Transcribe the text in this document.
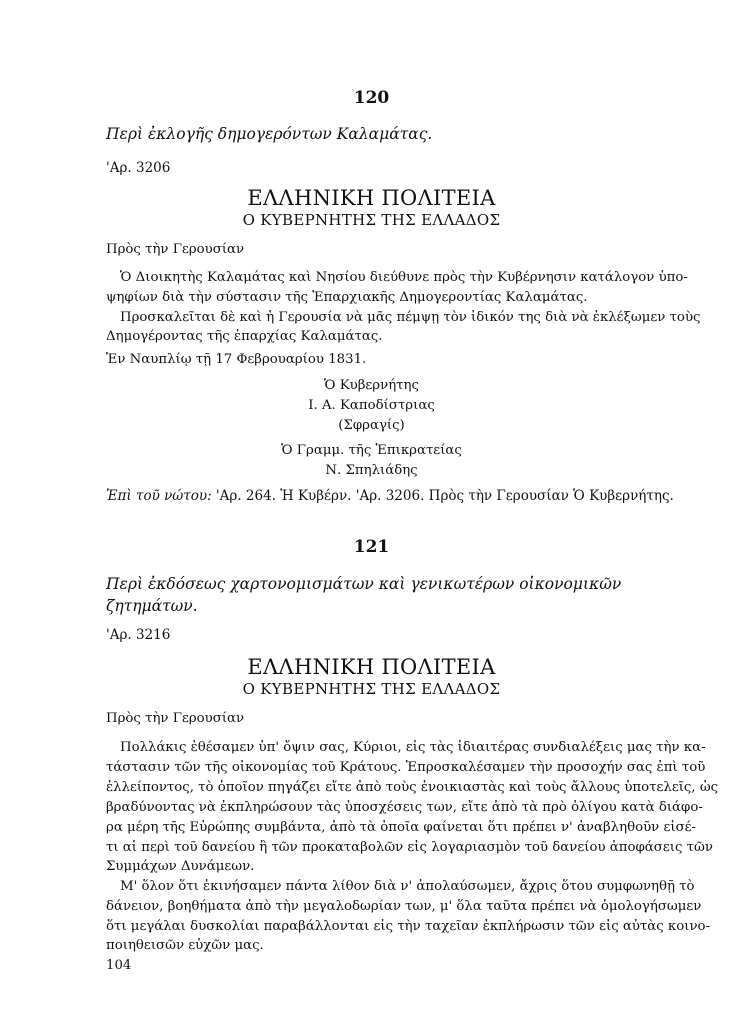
120
Περὶ ἐκλογῆς δημογερόντων Καλαμάτας.
'Αρ. 3206
ΕΛΛΗΝΙΚΗ ΠΟΛΙΤΕΙΑ
Ο ΚΥΒΕΡΝΗΤΗΣ ΤΗΣ ΕΛΛΑΔΟΣ
Πρὸς τὴν Γερουσίαν
Ὁ Διοικητὴς Καλαμάτας καὶ Νησίου διεύθυνε πρὸς τὴν Κυβέρνησιν κατάλογον ὑπο-
ψηφίων διὰ τὴν σύστασιν τῆς Ἐπαρχιακῆς Δημογεροντίας Καλαμάτας.
Προσκαλεῖται δὲ καὶ ἡ Γερουσία νὰ μᾶς πέμψῃ τὸν ἰδικόν της διὰ νὰ ἐκλέξωμεν τοὺς
Δημογέροντας τῆς ἐπαρχίας Καλαμάτας.
Ἐν Ναυπλίῳ τῇ 17 Φεβρουαρίου 1831.
Ὁ Κυβερνήτης
Ι. Α. Καποδίστριας
(Σφραγίς)
Ὁ Γραμμ. τῆς Ἐπικρατείας
Ν. Σπηλιάδης
Ἐπὶ τοῦ νώτου: 'Αρ. 264. Ἡ Κυβέρν. 'Αρ. 3206. Πρὸς τὴν Γερουσίαν Ὁ Κυβερνήτης.
121
Περὶ ἐκδόσεως χαρτονομισμάτων καὶ γενικωτέρων οἰκονομικῶν
ζητημάτων.
'Αρ. 3216
ΕΛΛΗΝΙΚΗ ΠΟΛΙΤΕΙΑ
Ο ΚΥΒΕΡΝΗΤΗΣ ΤΗΣ ΕΛΛΑΔΟΣ
Πρὸς τὴν Γερουσίαν
Πολλάκις ἐθέσαμεν ὑπ' ὄψιν σας, Κύριοι, εἰς τὰς ἰδιαιτέρας συνδιαλέξεις μας τὴν κα-
τάστασιν τῶν τῆς οἰκονομίας τοῦ Κράτους. Ἐπροσκαλέσαμεν τὴν προσοχήν σας ἐπὶ τοῦ
ἐλλείποντος, τὸ ὁποῖον πηγάζει εἴτε ἀπὸ τοὺς ἐνοικιαστὰς καὶ τοὺς ἄλλους ὑποτελεῖς, ὡς
βραδύνοντας νὰ ἐκπληρώσουν τὰς ὑποσχέσεις των, εἴτε ἀπὸ τὰ πρὸ ὀλίγου κατὰ διάφο-
ρα μέρη τῆς Εὐρώπης συμβάντα, ἀπὸ τὰ ὁποῖα φαίνεται ὅτι πρέπει ν' ἀναβληθοῦν εἰσέ-
τι αἱ περὶ τοῦ δανείου ἢ τῶν προκαταβολῶν εἰς λογαριασμὸν τοῦ δανείου ἀποφάσεις τῶν
Συμμάχων Δυνάμεων.
Μ' ὅλον ὅτι ἐκινήσαμεν πάντα λίθον διὰ ν' ἀπολαύσωμεν, ἄχρις ὅτου συμφωνηθῇ τὸ
δάνειον, βοηθήματα ἀπὸ τὴν μεγαλοδωρίαν των, μ' ὅλα ταῦτα πρέπει νὰ ὁμολογήσωμεν
ὅτι μεγάλαι δυσκολίαι παραβάλλονται εἰς τὴν ταχεῖαν ἐκπλήρωσιν τῶν εἰς αὐτὰς κοινο-
ποιηθεισῶν εὐχῶν μας.
104
